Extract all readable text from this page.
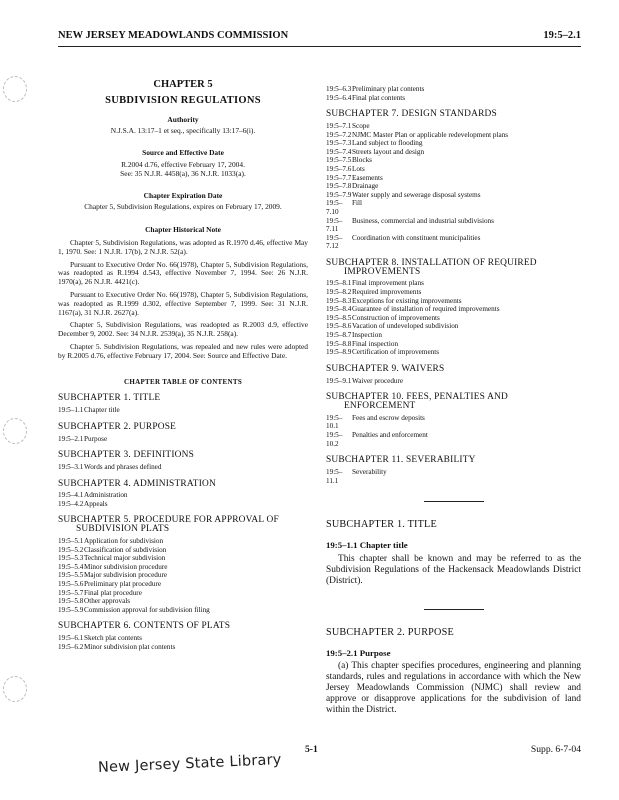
NEW JERSEY MEADOWLANDS COMMISSION	19:5–2.1
CHAPTER 5
SUBDIVISION REGULATIONS
Authority
N.J.S.A. 13:17–1 et seq., specifically 13:17–6(i).
Source and Effective Date
R.2004 d.76, effective February 17, 2004.
See: 35 N.J.R. 4458(a), 36 N.J.R. 1033(a).
Chapter Expiration Date
Chapter 5, Subdivision Regulations, expires on February 17, 2009.
Chapter Historical Note
Chapter 5, Subdivision Regulations, was adopted as R.1970 d.46, effective May 1, 1970. See: 1 N.J.R. 17(b), 2 N.J.R. 52(a).
Pursuant to Executive Order No. 66(1978), Chapter 5, Subdivision Regulations, was readopted as R.1994 d.543, effective November 7, 1994. See: 26 N.J.R. 1970(a), 26 N.J.R. 4421(c).
Pursuant to Executive Order No. 66(1978), Chapter 5, Subdivision Regulations, was readopted as R.1999 d.302, effective September 7, 1999. See: 31 N.J.R. 1167(a), 31 N.J.R. 2627(a).
Chapter 5, Subdivision Regulations, was readopted as R.2003 d.9, effective December 9, 2002. See: 34 N.J.R. 2539(a), 35 N.J.R. 258(a).
Chapter 5. Subdivision Regulations, was repealed and new rules were adopted by R.2005 d.76, effective February 17, 2004. See: Source and Effective Date.
CHAPTER TABLE OF CONTENTS
SUBCHAPTER 1. TITLE
19:5–1.1 Chapter title
SUBCHAPTER 2. PURPOSE
19:5–2.1 Purpose
SUBCHAPTER 3. DEFINITIONS
19:5–3.1 Words and phrases defined
SUBCHAPTER 4. ADMINISTRATION
19:5–4.1 Administration
19:5–4.2 Appeals
SUBCHAPTER 5. PROCEDURE FOR APPROVAL OF
SUBDIVISION PLATS
19:5–5.1 Application for subdivision
19:5–5.2 Classification of subdivision
19:5–5.3 Technical major subdivision
19:5–5.4 Minor subdivision procedure
19:5–5.5 Major subdivision procedure
19:5–5.6 Preliminary plat procedure
19:5–5.7 Final plat procedure
19:5–5.8 Other approvals
19:5–5.9 Commission approval for subdivision filing
SUBCHAPTER 6. CONTENTS OF PLATS
19:5–6.1 Sketch plat contents
19:5–6.2 Minor subdivision plat contents
19:5–6.3 Preliminary plat contents
19:5–6.4 Final plat contents
SUBCHAPTER 7. DESIGN STANDARDS
19:5–7.1 Scope
19:5–7.2 NJMC Master Plan or applicable redevelopment plans
19:5–7.3 Land subject to flooding
19:5–7.4 Streets layout and design
19:5–7.5 Blocks
19:5–7.6 Lots
19:5–7.7 Easements
19:5–7.8 Drainage
19:5–7.9 Water supply and sewerage disposal systems
19:5–7.10
Fill
19:5–7.11
Business, commercial and industrial subdivisions
19:5–7.12
Coordination with constituent municipalities
SUBCHAPTER 8. INSTALLATION OF REQUIRED
IMPROVEMENTS
19:5–8.1 Final improvement plans
19:5–8.2 Required improvements
19:5–8.3 Exceptions for existing improvements
19:5–8.4 Guarantee of installation of required improvements
19:5–8.5 Construction of improvements
19:5–8.6 Vacation of undeveloped subdivision
19:5–8.7 Inspection
19:5–8.8 Final inspection
19:5–8.9 Certification of improvements
SUBCHAPTER 9. WAIVERS
19:5–9.1 Waiver procedure
SUBCHAPTER 10. FEES, PENALTIES AND
ENFORCEMENT
19:5–10.1
Fees and escrow deposits
19:5–10.2
Penalties and enforcement
SUBCHAPTER 11. SEVERABILITY
19:5–11.1
Severability
SUBCHAPTER 1. TITLE
19:5–1.1 Chapter title
This chapter shall be known and may be referred to as the Subdivision Regulations of the Hackensack Meadowlands District (District).
SUBCHAPTER 2. PURPOSE
19:5–2.1 Purpose
(a) This chapter specifies procedures, engineering and planning standards, rules and regulations in accordance with which the New Jersey Meadowlands Commission (NJMC) shall review and approve or disapprove applications for the subdivision of land within the District.
5-1	Supp. 6-7-04
New Jersey State Library
